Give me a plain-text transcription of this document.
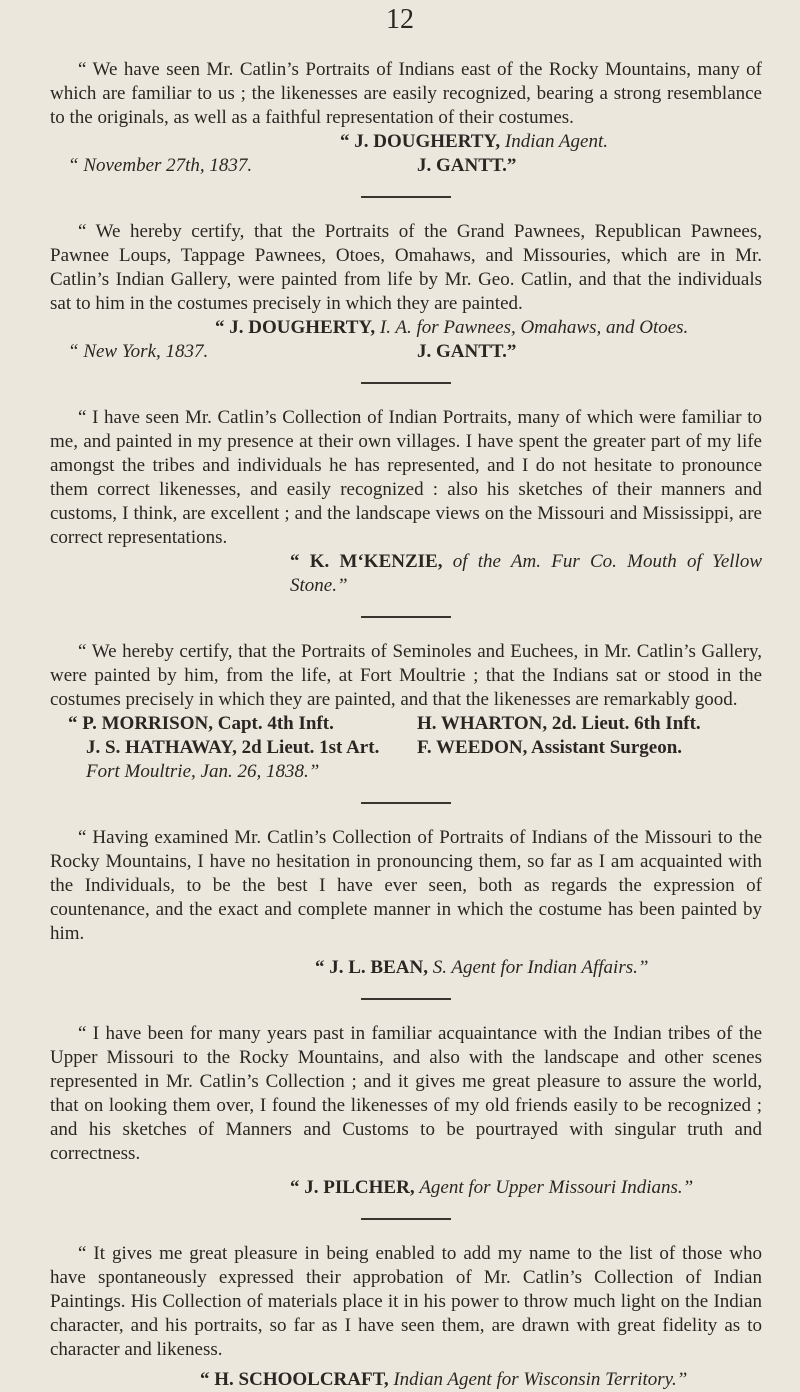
12

“ We have seen Mr. Catlin’s Portraits of Indians east of the Rocky Mountains, many of which are familiar to us ; the likenesses are easily recognized, bearing a strong resemblance to the originals, as well as a faithful representation of their costumes.

“ J. DOUGHERTY, Indian Agent.
“ November 27th, 1837.	J. GANTT.”

“ We hereby certify, that the Portraits of the Grand Pawnees, Republican Pawnees, Pawnee Loups, Tappage Pawnees, Otoes, Omahaws, and Missouries, which are in Mr. Catlin’s Indian Gallery, were painted from life by Mr. Geo. Catlin, and that the individuals sat to him in the costumes precisely in which they are painted.

“ J. DOUGHERTY, I. A. for Pawnees, Omahaws, and Otoes.
“ New York, 1837.	J. GANTT.”

“ I have seen Mr. Catlin’s Collection of Indian Portraits, many of which were familiar to me, and painted in my presence at their own villages. I have spent the greater part of my life amongst the tribes and individuals he has represented, and I do not hesitate to pronounce them correct likenesses, and easily recognized : also his sketches of their manners and customs, I think, are excellent ; and the landscape views on the Missouri and Mississippi, are correct representations.

“ K. M‘KENZIE, of the Am. Fur Co. Mouth of Yellow Stone.”

“ We hereby certify, that the Portraits of Seminoles and Euchees, in Mr. Catlin’s Gallery, were painted by him, from the life, at Fort Moultrie ; that the Indians sat or stood in the costumes precisely in which they are painted, and that the likenesses are remarkably good.

“ P. MORRISON, Capt. 4th Inft.	H. WHARTON, 2d. Lieut. 6th Inft.
J. S. HATHAWAY, 2d Lieut. 1st Art. F. WEEDON, Assistant Surgeon.
Fort Moultrie, Jan. 26, 1838.”

“ Having examined Mr. Catlin’s Collection of Portraits of Indians of the Missouri to the Rocky Mountains, I have no hesitation in pronouncing them, so far as I am acquainted with the Individuals, to be the best I have ever seen, both as regards the expression of countenance, and the exact and complete manner in which the costume has been painted by him.

“ J. L. BEAN, S. Agent for Indian Affairs.”

“ I have been for many years past in familiar acquaintance with the Indian tribes of the Upper Missouri to the Rocky Mountains, and also with the landscape and other scenes represented in Mr. Catlin’s Collection ; and it gives me great pleasure to assure the world, that on looking them over, I found the likenesses of my old friends easily to be recognized ; and his sketches of Manners and Customs to be pourtrayed with singular truth and correctness.

“ J. PILCHER, Agent for Upper Missouri Indians.”

“ It gives me great pleasure in being enabled to add my name to the list of those who have spontaneously expressed their approbation of Mr. Catlin’s Collection of Indian Paintings. His Collection of materials place it in his power to throw much light on the Indian character, and his portraits, so far as I have seen them, are drawn with great fidelity as to character and likeness.

“ H. SCHOOLCRAFT, Indian Agent for Wisconsin Territory.”
